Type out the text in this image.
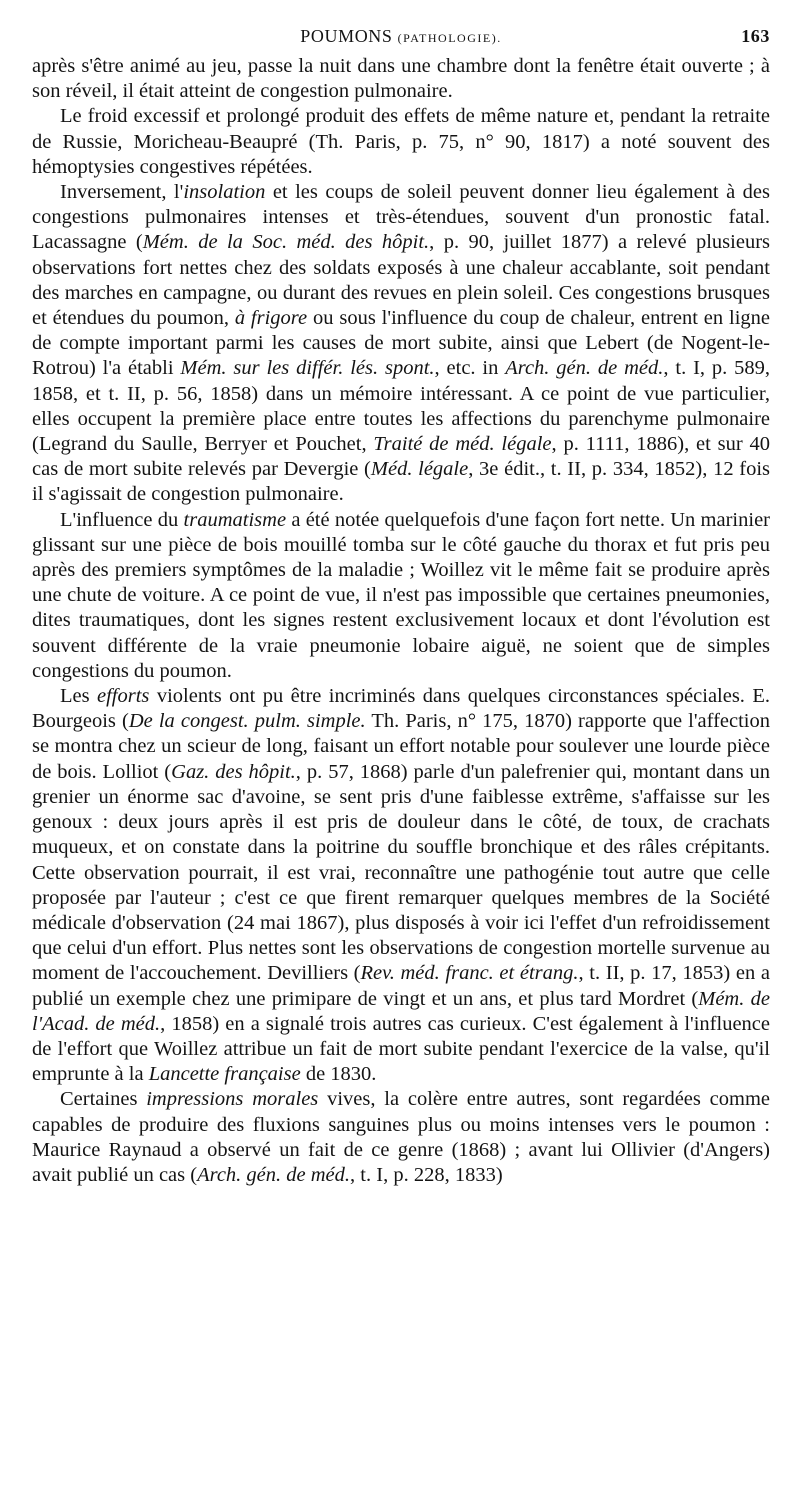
POUMONS (PATHOLOGIE).	163

après s'être animé au jeu, passe la nuit dans une chambre dont la fenêtre était ouverte ; à son réveil, il était atteint de congestion pulmonaire.

Le froid excessif et prolongé produit des effets de même nature et, pendant la retraite de Russie, Moricheau-Beaupré (Th. Paris, p. 75, n° 90, 1817) a noté souvent des hémoptysies congestives répétées.

Inversement, l'insolation et les coups de soleil peuvent donner lieu également à des congestions pulmonaires intenses et très-étendues, souvent d'un pronostic fatal. Lacassagne (Mém. de la Soc. méd. des hôpit., p. 90, juillet 1877) a relevé plusieurs observations fort nettes chez des soldats exposés à une chaleur accablante, soit pendant des marches en campagne, ou durant des revues en plein soleil. Ces congestions brusques et étendues du poumon, à frigore ou sous l'influence du coup de chaleur, entrent en ligne de compte important parmi les causes de mort subite, ainsi que Lebert (de Nogent-le-Rotrou) l'a établi Mém. sur les différ. lés. spont., etc. in Arch. gén. de méd., t. I, p. 589, 1858, et t. II, p. 56, 1858) dans un mémoire intéressant. A ce point de vue particulier, elles occupent la première place entre toutes les affections du parenchyme pulmonaire (Legrand du Saulle, Berryer et Pouchet, Traité de méd. légale, p. 1111, 1886), et sur 40 cas de mort subite relevés par Devergie (Méd. légale, 3e édit., t. II, p. 334, 1852), 12 fois il s'agissait de congestion pulmonaire.

L'influence du traumatisme a été notée quelquefois d'une façon fort nette. Un marinier glissant sur une pièce de bois mouillé tomba sur le côté gauche du thorax et fut pris peu après des premiers symptômes de la maladie ; Woillez vit le même fait se produire après une chute de voiture. A ce point de vue, il n'est pas impossible que certaines pneumonies, dites traumatiques, dont les signes restent exclusivement locaux et dont l'évolution est souvent différente de la vraie pneumonie lobaire aiguë, ne soient que de simples congestions du poumon.

Les efforts violents ont pu être incriminés dans quelques circonstances spéciales. E. Bourgeois (De la congest. pulm. simple. Th. Paris, n° 175, 1870) rapporte que l'affection se montra chez un scieur de long, faisant un effort notable pour soulever une lourde pièce de bois. Lolliot (Gaz. des hôpit., p. 57, 1868) parle d'un palefrenier qui, montant dans un grenier un énorme sac d'avoine, se sent pris d'une faiblesse extrême, s'affaisse sur les genoux : deux jours après il est pris de douleur dans le côté, de toux, de crachats muqueux, et on constate dans la poitrine du souffle bronchique et des râles crépitants. Cette observation pourrait, il est vrai, reconnaître une pathogénie tout autre que celle proposée par l'auteur ; c'est ce que firent remarquer quelques membres de la Société médicale d'observation (24 mai 1867), plus disposés à voir ici l'effet d'un refroidissement que celui d'un effort. Plus nettes sont les observations de congestion mortelle survenue au moment de l'accouchement. Devilliers (Rev. méd. franc. et étrang., t. II, p. 17, 1853) en a publié un exemple chez une primipare de vingt et un ans, et plus tard Mordret (Mém. de l'Acad. de méd., 1858) en a signalé trois autres cas curieux. C'est également à l'influence de l'effort que Woillez attribue un fait de mort subite pendant l'exercice de la valse, qu'il emprunte à la Lancette française de 1830.

Certaines impressions morales vives, la colère entre autres, sont regardées comme capables de produire des fluxions sanguines plus ou moins intenses vers le poumon : Maurice Raynaud a observé un fait de ce genre (1868) ; avant lui Ollivier (d'Angers) avait publié un cas (Arch. gén. de méd., t. I, p. 228, 1833)
